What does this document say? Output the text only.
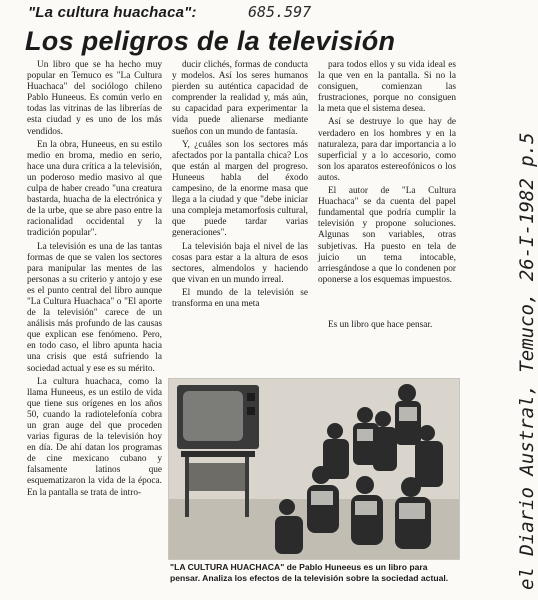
"La cultura huachaca":	685.597
Los peligros de la televisión

Un libro que se ha hecho muy popular en Temuco es "La Cultura Huachaca" del sociólogo chileno Pablo Huneeus. Es común verlo en todas las vitrinas de las librerías de esta ciudad y es uno de los más vendidos.

En la obra, Huneeus, en su estilo medio en broma, medio en serio, hace una dura crítica a la televisión, un poderoso medio masivo al que culpa de haber creado "una creatura bastarda, huacha de la electrónica y de la urbe, que se abre paso entre la racionalidad occidental y la tradición popular".

La televisión es una de las tantas formas de que se valen los sectores para manipular las mentes de las personas a su criterio y antojo y ese es el punto central del libro aunque "La Cultura Huachaca" o "El aporte de la televisión" carece de un análisis más profundo de las causas que explican ese fenómeno. Pero, en todo caso, el libro apunta hacia una crisis que está sufriendo la sociedad actual y ese es su mérito.

La cultura huachaca, como la llama Huneeus, es un estilo de vida que tiene sus orígenes en los años 50, cuando la radiotelefonía cobra un gran auge del que proceden varias figuras de la televisión hoy en día. De ahí datan los programas de cine mexicano cubano y falsamente latinos que esquematizaron la vida de la época. En la pantalla se trata de intro-

ducir clichés, formas de conducta y modelos. Así los seres humanos pierden su auténtica capacidad de comprender la realidad y, más aún, su capacidad para experimentar la vida puede alienarse mediante sueños con un mundo de fantasía.

Y, ¿cuáles son los sectores más afectados por la pantalla chica? Los que están al margen del progreso. Huneeus habla del éxodo campesino, de la enorme masa que llega a la ciudad y que "debe iniciar una compleja metamorfosis cultural, que puede tardar varias generaciones".

La televisión baja el nivel de las cosas para estar a la altura de esos sectores, almendolos y haciendo que vivan en un mundo irreal.

El mundo de la televisión se transforma en una meta

para todos ellos y su vida ideal es la que ven en la pantalla. Si no la consiguen, comienzan las frustraciones, porque no consiguen la meta que el sistema desea.

Así se destruye lo que hay de verdadero en los hombres y en la naturaleza, para dar importancia a lo superficial y a lo accesorio, como son los aparatos estereofónicos o los autos.

El autor de "La Cultura Huachaca" se da cuenta del papel fundamental que podría cumplir la televisión y propone soluciones. Algunas son variables, otras subjetivas. Ha puesto en tela de juicio un tema intocable, arriesgándose a que lo condenen por oponerse a los esquemas impuestos.

Es un libro que hace pensar.

"LA CULTURA HUACHACA" de Pablo Huneeus es un libro para pensar. Analiza los efectos de la televisión sobre la sociedad actual.	el Diario Austral, Temuco, 26-I-1982 p.5
